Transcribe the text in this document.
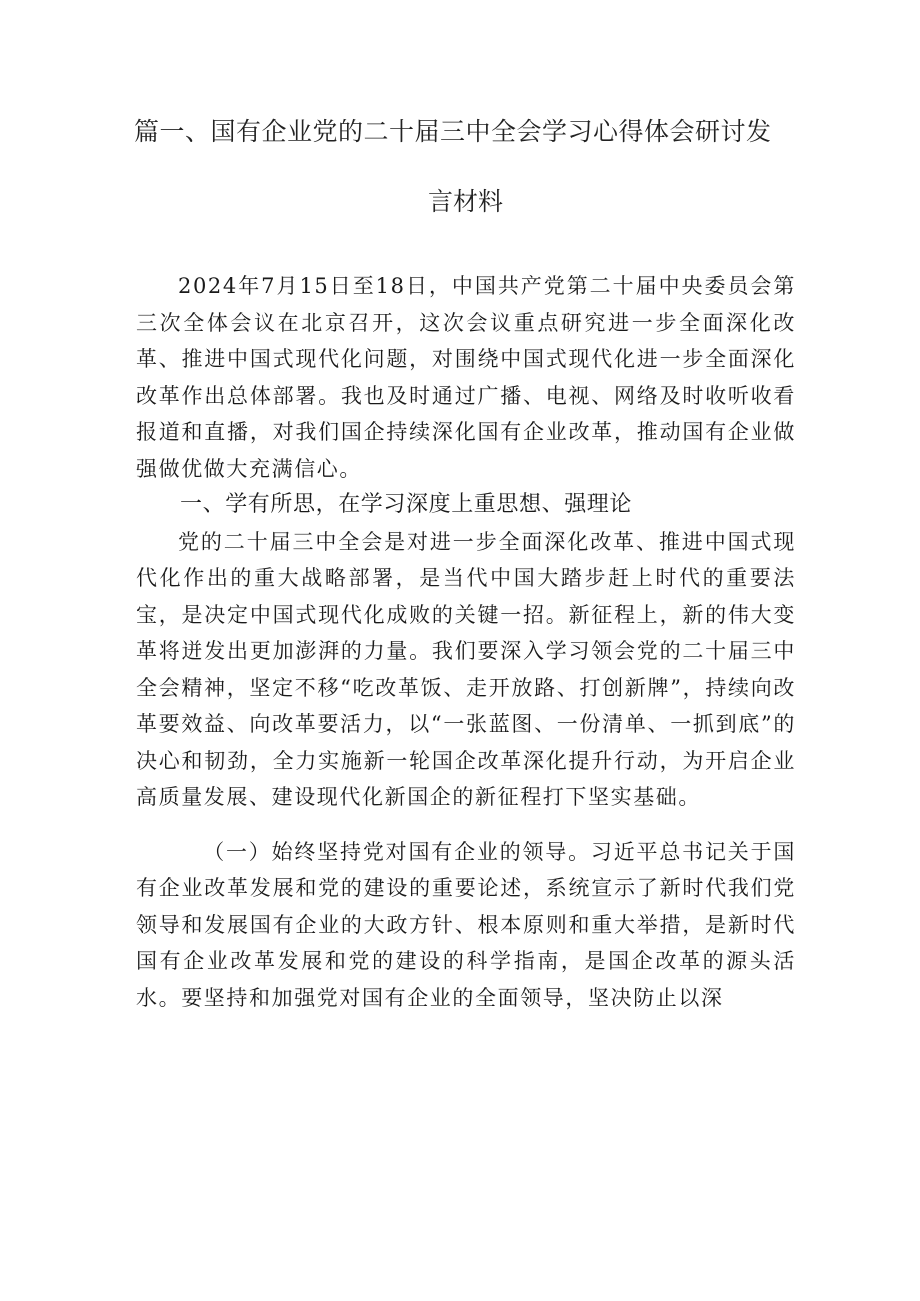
篇一、国有企业党的二十届三中全会学习心得体会研讨发
言材料

2024年7月15日至18日，中国共产党第二十届中央委员会第三次全体会议在北京召开，这次会议重点研究进一步全面深化改革、推进中国式现代化问题，对围绕中国式现代化进一步全面深化改革作出总体部署。我也及时通过广播、电视、网络及时收听收看报道和直播，对我们国企持续深化国有企业改革，推动国有企业做强做优做大充满信心。

一、学有所思，在学习深度上重思想、强理论

党的二十届三中全会是对进一步全面深化改革、推进中国式现代化作出的重大战略部署，是当代中国大踏步赶上时代的重要法宝，是决定中国式现代化成败的关键一招。新征程上，新的伟大变革将迸发出更加澎湃的力量。我们要深入学习领会党的二十届三中全会精神，坚定不移“吃改革饭、走开放路、打创新牌”，持续向改革要效益、向改革要活力，以“一张蓝图、一份清单、一抓到底”的决心和韧劲，全力实施新一轮国企改革深化提升行动，为开启企业高质量发展、建设现代化新国企的新征程打下坚实基础。

（一）始终坚持党对国有企业的领导。习近平总书记关于国有企业改革发展和党的建设的重要论述，系统宣示了新时代我们党领导和发展国有企业的大政方针、根本原则和重大举措，是新时代国有企业改革发展和党的建设的科学指南，是国企改革的源头活水。要坚持和加强党对国有企业的全面领导，坚决防止以深
